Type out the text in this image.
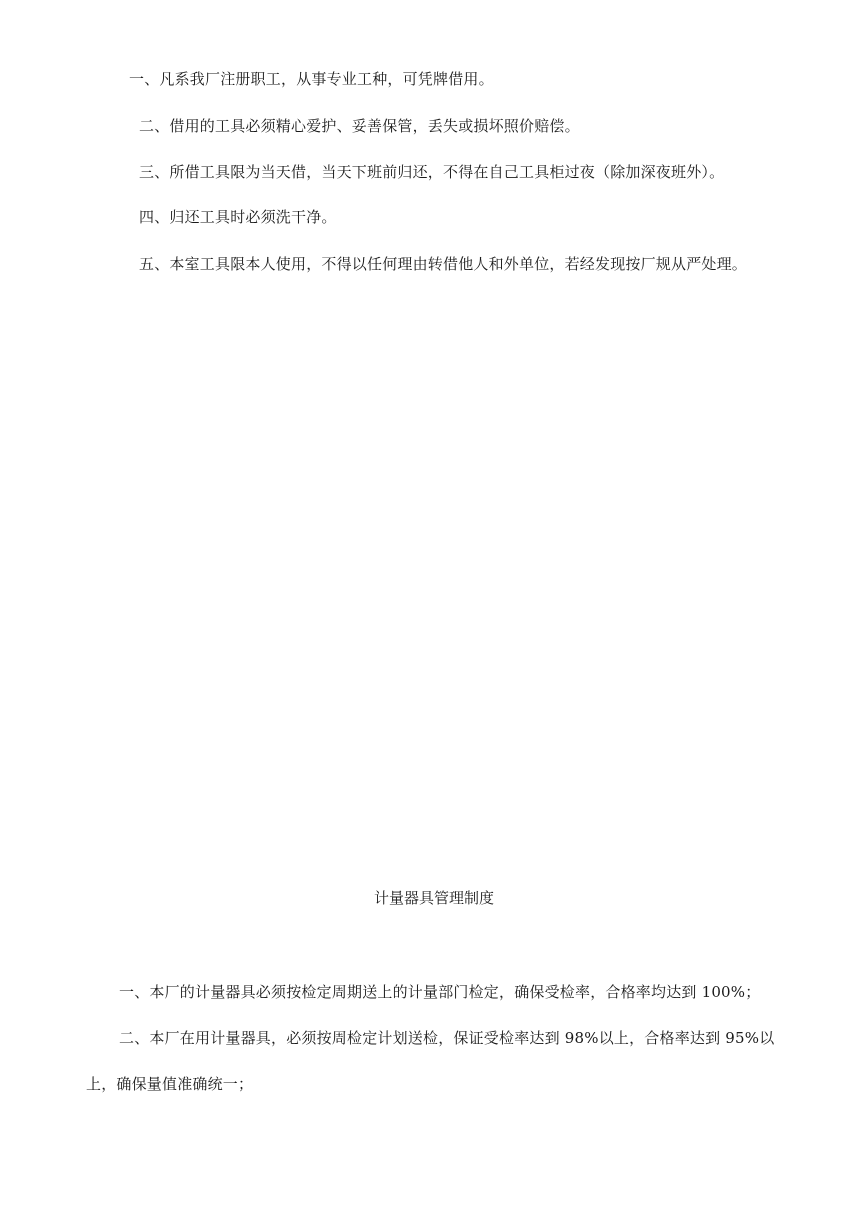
一、凡系我厂注册职工，从事专业工种，可凭牌借用。
二、借用的工具必须精心爱护、妥善保管，丢失或损坏照价赔偿。
三、所借工具限为当天借，当天下班前归还，不得在自己工具柜过夜（除加深夜班外）。
四、归还工具时必须洗干净。
五、本室工具限本人使用，不得以任何理由转借他人和外单位，若经发现按厂规从严处理。
计量器具管理制度
一、本厂的计量器具必须按检定周期送上的计量部门检定，确保受检率，合格率均达到 100%；
二、本厂在用计量器具，必须按周检定计划送检，保证受检率达到 98%以上，合格率达到 95%以
上，确保量值准确统一；
